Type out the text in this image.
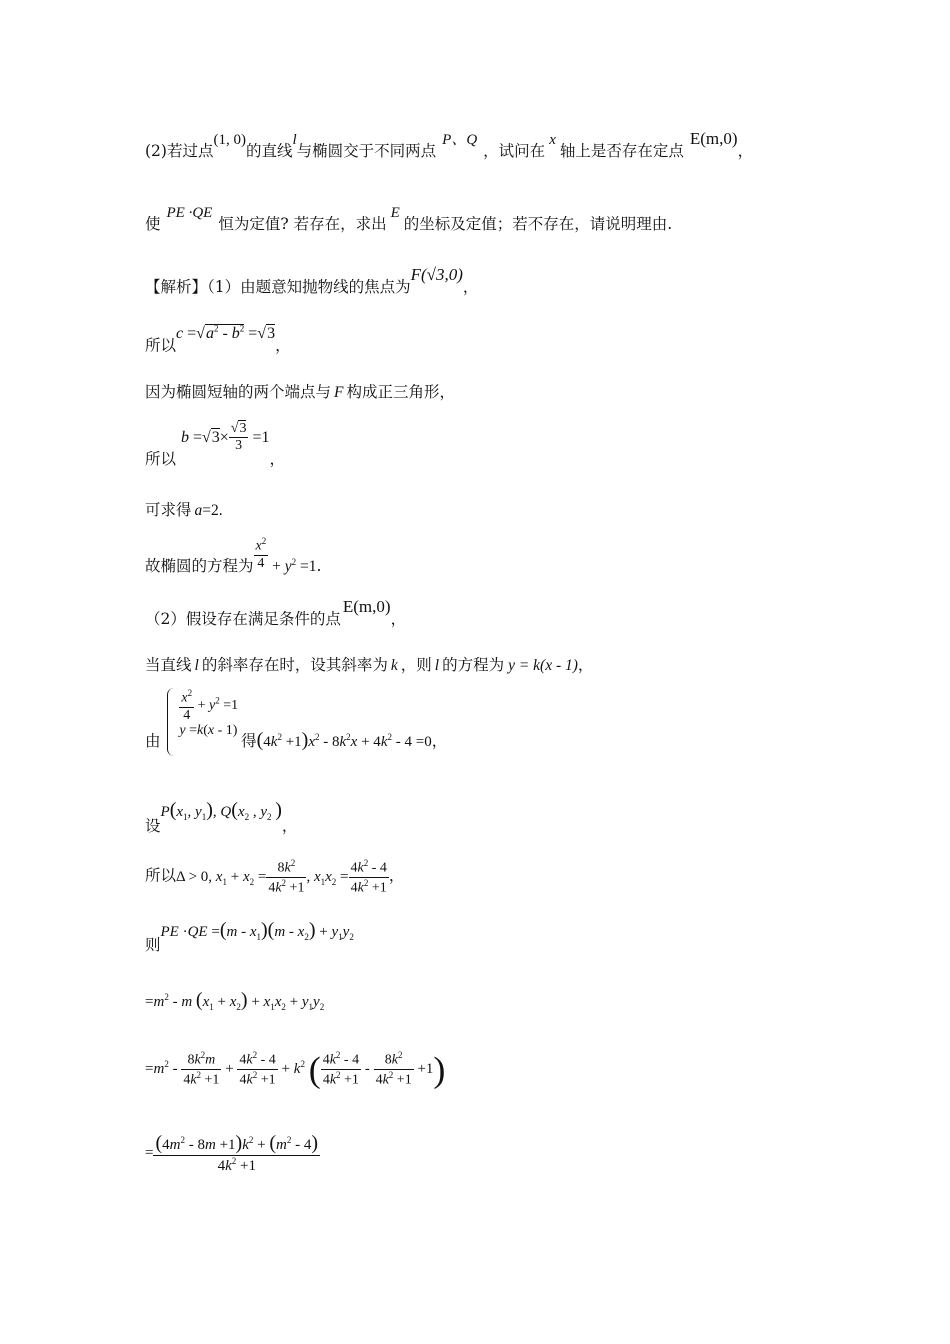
(2)若过点(1, 0)的直线l与椭圆交于不同两点P、Q，试问在x轴上是否存在定点E(m,0)，
使PE ·QE恒为定值? 若存在，求出E的坐标及定值；若不存在，请说明理由.
【解析】（1）由题意知抛物线的焦点为F(√3,0)，
所以$c =√a^2 - b^2 =√3$，
因为椭圆短轴的两个端点与 F 构成正三角形，
所以 $b =√3\times \frac{√3}{3} =1$，
可求得 a=2.
故椭圆的方程为 $\frac{x^2}{4} + y^2 =1$.
（2）假设存在满足条件的点E(m,0)，
当直线 l 的斜率存在时，设其斜率为 k ，则 l 的方程为 y = k(x - 1)，
由
$\frac{x^2}{4} + y^2 =1$
y =k(x - 1) 得$(4k^2 +1)x^2 - 8k^2x + 4k^2 - 4 =0$，
设$P(x_1$, $y_1$), $Q(x_2$ , $y_2$ )，
所以Δ > 0, $x_1 + x_2 = \frac{8k^2}{4k^2 +1}$ , $x_1x_2 = \frac{4k^2 - 4}{4k^2 +1}$ ，
则PE $\cdot QE =(m - x_1)(m - x_2) + y_1y_2$
$=m^2 - m$ $(x_1 + x_2) + x_1x_2 + y_1y_2$
$=m^2 - \frac{8k^2m}{4k^2 +1} + \frac{4k^2 - 4}{4k^2 +1} + k^2$ ( $\frac{4k^2 - 4}{4k^2 +1} - \frac{8k^2}{4k^2 +1} +1$)
= $\frac{(4m^2 - 8m +1)k^2 + (m^2 - 4)}{4k^2 +1}$
